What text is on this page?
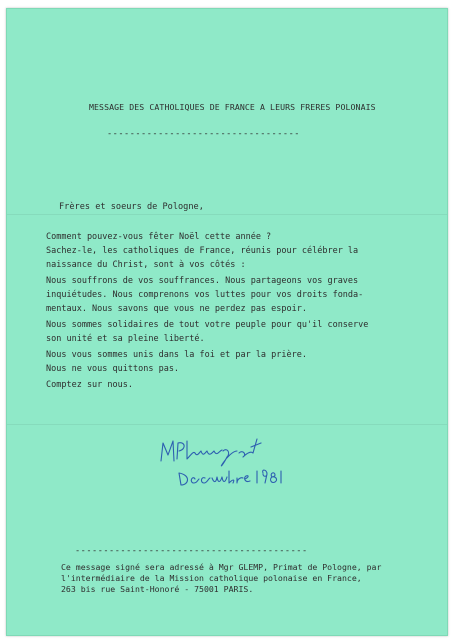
MESSAGE DES CATHOLIQUES DE FRANCE A LEURS FRERES POLONAIS

----------------------------------

Frères et soeurs de Pologne,

Comment pouvez-vous fêter Noël cette année ?

Sachez-le, les catholiques de France, réunis pour célébrer la

naissance du Christ, sont à vos côtés :

Nous souffrons de vos souffrances. Nous partageons vos graves

inquiétudes. Nous comprenons vos luttes pour vos droits fonda-

mentaux. Nous savons que vous ne perdez pas espoir.

Nous sommes solidaires de tout votre peuple pour qu'il conserve

son unité et sa pleine liberté.

Nous vous sommes unis dans la foi et par la prière.

Nous ne vous quittons pas.

Comptez sur nous.

-----------------------------------------

Ce message signé sera adressé à Mgr GLEMP, Primat de Pologne, par

l'intermédiaire de la Mission catholique polonaise en France,

263 bis rue Saint-Honoré - 75001 PARIS.
